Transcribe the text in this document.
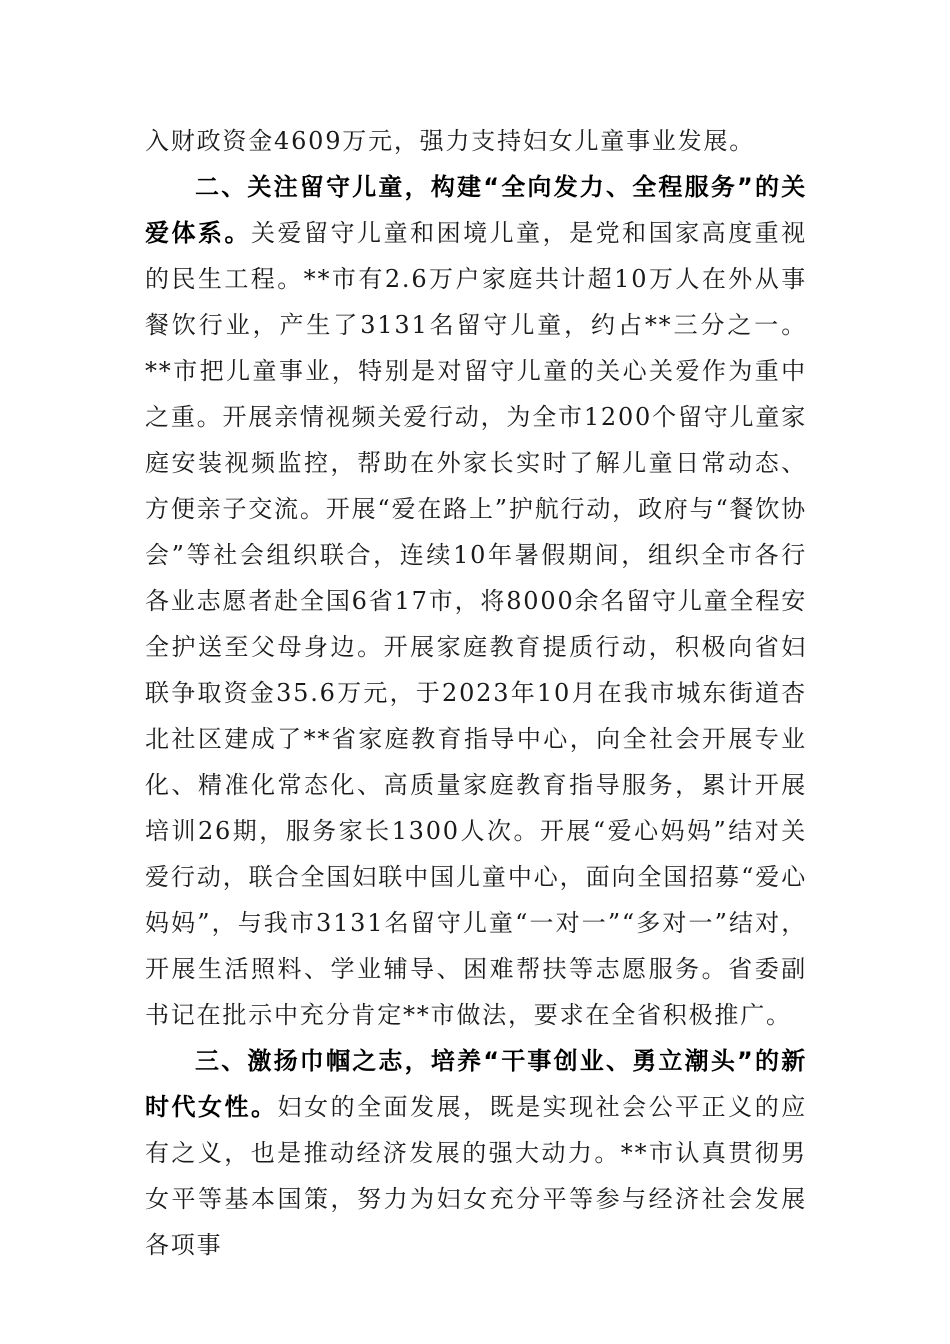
入财政资金4609万元，强力支持妇女儿童事业发展。

二、关注留守儿童，构建“全向发力、全程服务”的关爱体系。关爱留守儿童和困境儿童，是党和国家高度重视的民生工程。**市有2.6万户家庭共计超10万人在外从事餐饮行业，产生了3131名留守儿童，约占**三分之一。**市把儿童事业，特别是对留守儿童的关心关爱作为重中之重。开展亲情视频关爱行动，为全市1200个留守儿童家庭安装视频监控，帮助在外家长实时了解儿童日常动态、方便亲子交流。开展“爱在路上”护航行动，政府与“餐饮协会”等社会组织联合，连续10年暑假期间，组织全市各行各业志愿者赴全国6省17市，将8000余名留守儿童全程安全护送至父母身边。开展家庭教育提质行动，积极向省妇联争取资金35.6万元，于2023年10月在我市城东街道杏北社区建成了**省家庭教育指导中心，向全社会开展专业化、精准化常态化、高质量家庭教育指导服务，累计开展培训26期，服务家长1300人次。开展“爱心妈妈”结对关爱行动，联合全国妇联中国儿童中心，面向全国招募“爱心妈妈”，与我市3131名留守儿童“一对一”“多对一”结对，开展生活照料、学业辅导、困难帮扶等志愿服务。省委副书记在批示中充分肯定**市做法，要求在全省积极推广。

三、激扬巾帼之志，培养“干事创业、勇立潮头”的新时代女性。妇女的全面发展，既是实现社会公平正义的应有之义，也是推动经济发展的强大动力。**市认真贯彻男女平等基本国策，努力为妇女充分平等参与经济社会发展各项事
